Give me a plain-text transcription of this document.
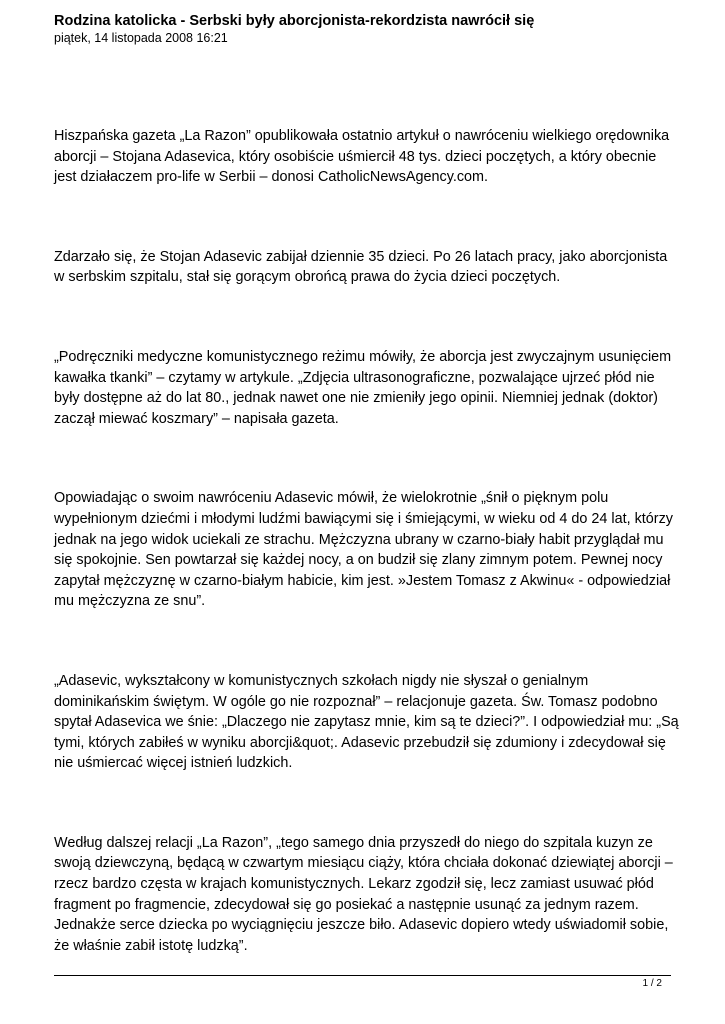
Rodzina katolicka - Serbski były aborcjonista-rekordzista nawrócił się

piątek, 14 listopada 2008 16:21

Hiszpańska gazeta „La Razon” opublikowała ostatnio artykuł o nawróceniu wielkiego orędownika aborcji – Stojana Adasevica, który osobiście uśmiercił 48 tys. dzieci poczętych, a który obecnie jest działaczem pro-life w Serbii – donosi CatholicNewsAgency.com.

Zdarzało się, że Stojan Adasevic zabijał dziennie 35 dzieci. Po 26 latach pracy, jako aborcjonista w serbskim szpitalu, stał się gorącym obrońcą prawa do życia dzieci poczętych.

„Podręczniki medyczne komunistycznego reżimu mówiły, że aborcja jest zwyczajnym usunięciem kawałka tkanki” – czytamy w artykule. „Zdjęcia ultrasonograficzne, pozwalające ujrzeć płód nie były dostępne aż do lat 80., jednak nawet one nie zmieniły jego opinii. Niemniej jednak (doktor) zaczął miewać koszmary” – napisała gazeta.

Opowiadając o swoim nawróceniu Adasevic mówił, że wielokrotnie „śnił o pięknym polu wypełnionym dziećmi i młodymi ludźmi bawiącymi się i śmiejącymi, w wieku od 4 do 24 lat, którzy jednak na jego widok uciekali ze strachu. Mężczyzna ubrany w czarno-biały habit przyglądał mu się spokojnie. Sen powtarzał się każdej nocy, a on budził się zlany zimnym potem. Pewnej nocy zapytał mężczyznę w czarno-białym habicie, kim jest. »Jestem Tomasz z Akwinu« - odpowiedział mu mężczyzna ze snu”.

„Adasevic, wykształcony w komunistycznych szkołach nigdy nie słyszał o genialnym dominikańskim świętym. W ogóle go nie rozpoznał” – relacjonuje gazeta. Św. Tomasz podobno spytał Adasevica we śnie: „Dlaczego nie zapytasz mnie, kim są te dzieci?”. I odpowiedział mu: „Są tymi, których zabiłeś w wyniku aborcji&quot;. Adasevic przebudził się zdumiony i zdecydował się nie uśmiercać więcej istnień ludzkich.

Według dalszej relacji „La Razon”, „tego samego dnia przyszedł do niego do szpitala kuzyn ze swoją dziewczyną, będącą w czwartym miesiącu ciąży, która chciała dokonać dziewiątej aborcji – rzecz bardzo częsta w krajach komunistycznych. Lekarz zgodził się, lecz zamiast usuwać płód fragment po fragmencie, zdecydował się go posiekać a następnie usunąć za jednym razem. Jednakże serce dziecka po wyciągnięciu jeszcze biło. Adasevic dopiero wtedy uświadomił sobie, że właśnie zabił istotę ludzką”.

1 / 2
